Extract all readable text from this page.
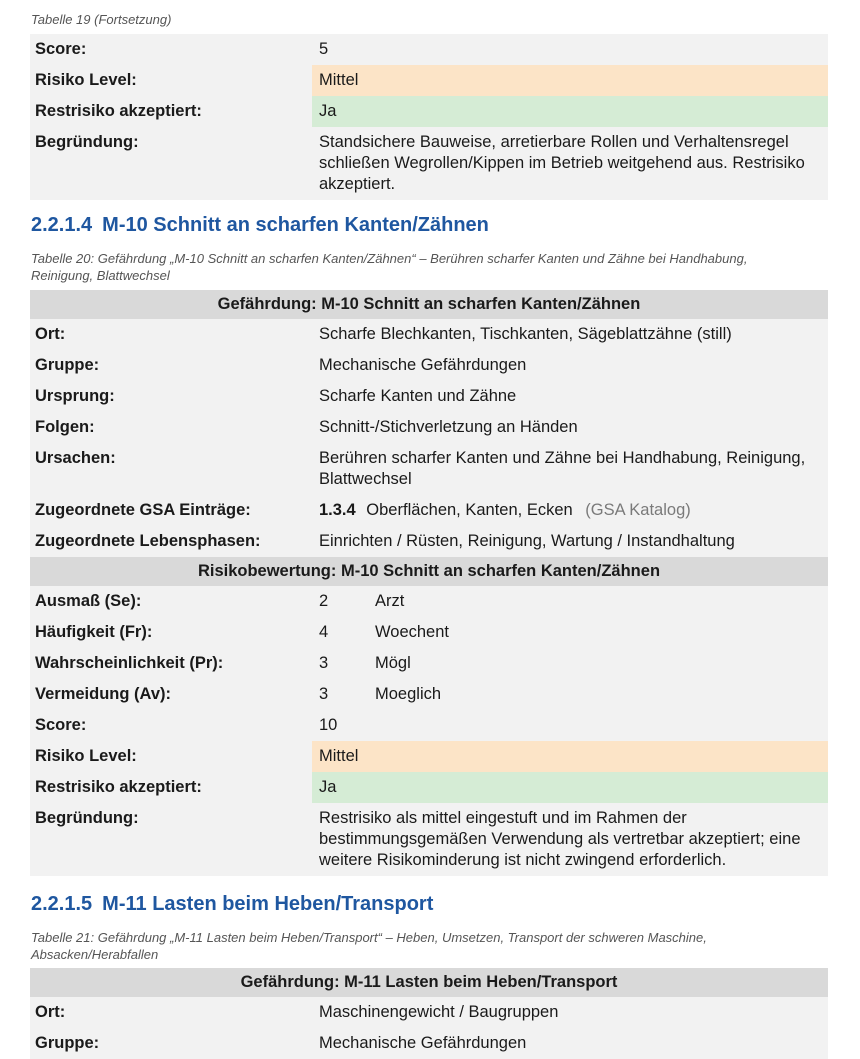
Tabelle 19 (Fortsetzung)
Score:	5
Risiko Level:	Mittel
Restrisiko akzeptiert:	Ja
Begründung:	Standsichere Bauweise, arretierbare Rollen und Verhaltensregel schließen Wegrollen/Kippen im Betrieb weitgehend aus. Restrisiko akzeptiert.
2.2.1.4 M-10 Schnitt an scharfen Kanten/Zähnen
Tabelle 20: Gefährdung „M-10 Schnitt an scharfen Kanten/Zähnen“ – Berühren scharfer Kanten und Zähne bei Handhabung, Reinigung, Blattwechsel
Gefährdung: M-10 Schnitt an scharfen Kanten/Zähnen	
Ort:	Scharfe Blechkanten, Tischkanten, Sägeblattzähne (still)
Gruppe:	Mechanische Gefährdungen
Ursprung:	Scharfe Kanten und Zähne
Folgen:	Schnitt-/Stichverletzung an Händen
Ursachen:	Berühren scharfer Kanten und Zähne bei Handhabung, Reinigung, Blattwechsel
Zugeordnete GSA Einträge:	1.3.4 Oberflächen, Kanten, Ecken (GSA Katalog)
Zugeordnete Lebensphasen:	Einrichten / Rüsten, Reinigung, Wartung / Instandhaltung
Risikobewertung: M-10 Schnitt an scharfen Kanten/Zähnen	
Ausmaß (Se):	2 Arzt
Häufigkeit (Fr):	4 Woechent
Wahrscheinlichkeit (Pr):	3 Mögl
Vermeidung (Av):	3 Moeglich
Score:	10
Risiko Level:	Mittel
Restrisiko akzeptiert:	Ja
Begründung:	Restrisiko als mittel eingestuft und im Rahmen der bestimmungsgemäßen Verwendung als vertretbar akzeptiert; eine weitere Risikominderung ist nicht zwingend erforderlich.
2.2.1.5 M-11 Lasten beim Heben/Transport
Tabelle 21: Gefährdung „M-11 Lasten beim Heben/Transport“ – Heben, Umsetzen, Transport der schweren Maschine, Absacken/Herabfallen
Gefährdung: M-11 Lasten beim Heben/Transport	
Ort:	Maschinengewicht / Baugruppen
Gruppe:	Mechanische Gefährdungen
